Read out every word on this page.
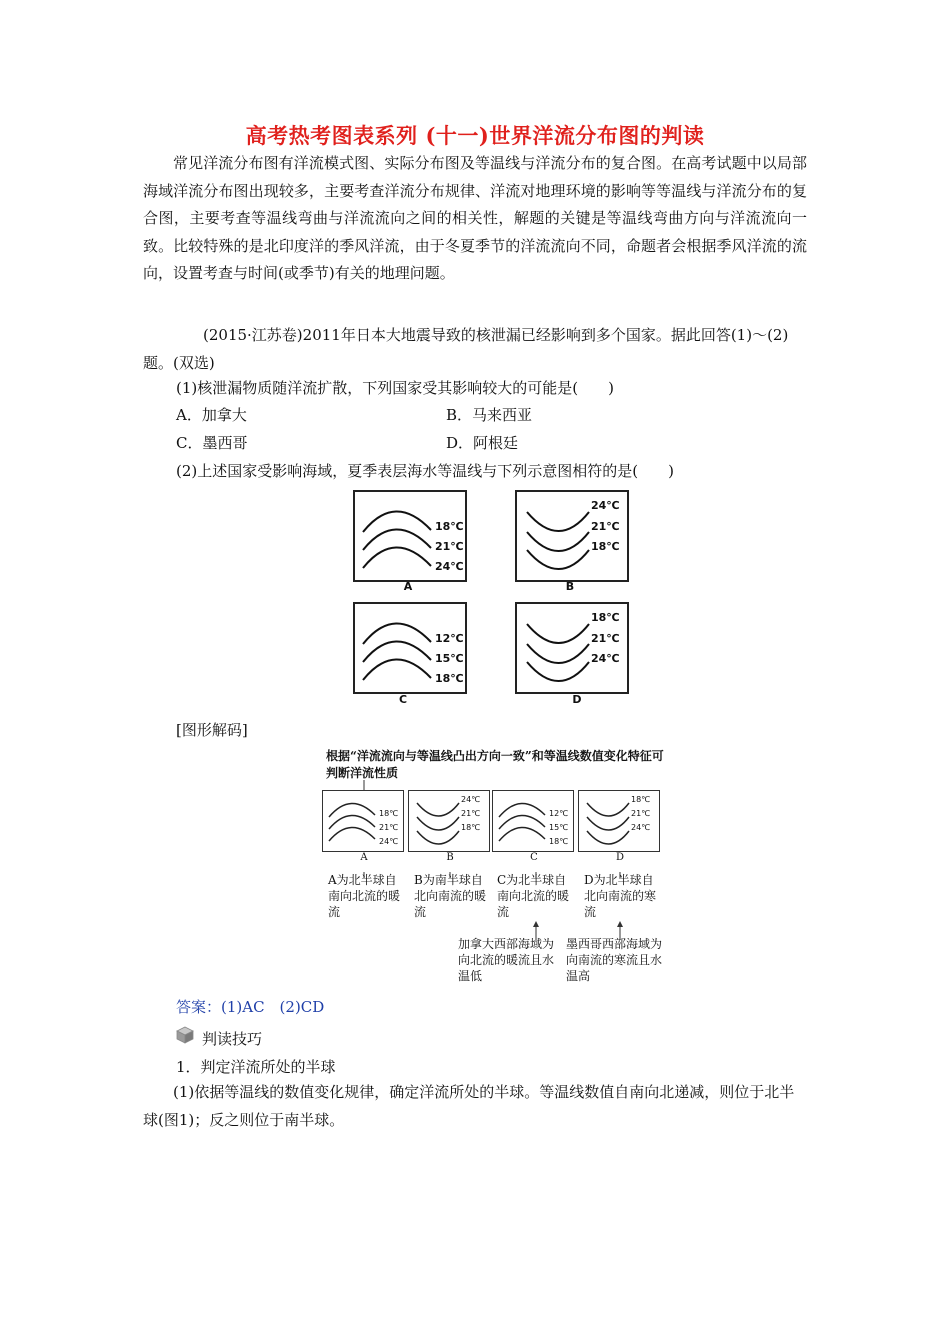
高考热考图表系列 (十一)世界洋流分布图的判读
常见洋流分布图有洋流模式图、实际分布图及等温线与洋流分布的复合图。在高考试题中以局部海域洋流分布图出现较多，主要考查洋流分布规律、洋流对地理环境的影响等等温线与洋流分布的复合图，主要考查等温线弯曲与洋流流向之间的相关性，解题的关键是等温线弯曲方向与洋流流向一致。比较特殊的是北印度洋的季风洋流，由于冬夏季节的洋流流向不同，命题者会根据季风洋流的流向，设置考查与时间(或季节)有关的地理问题。
(2015·江苏卷)2011年日本大地震导致的核泄漏已经影响到多个国家。据此回答(1)～(2)题。(双选)
(1)核泄漏物质随洋流扩散，下列国家受其影响较大的可能是(　　)
A．加拿大	B．马来西亚
C．墨西哥	D．阿根廷
(2)上述国家受影响海域，夏季表层海水等温线与下列示意图相符的是(　　)
18℃
21℃
24℃
A
24℃
21℃
18℃
B
12℃
15℃
18℃
C
18℃
21℃
24℃
D
[图形解码]
根据“洋流流向与等温线凸出方向一致”和等温线数值变化特征可判断洋流性质
18℃
21℃
24℃
A
24℃
21℃
18℃
B
12℃
15℃
18℃
C
18℃
21℃
24℃
D
A为北半球自南向北流的暖流
B为南半球自北向南流的暖流
C为北半球自南向北流的暖流
D为北半球自北向南流的寒流
加拿大西部海域为向北流的暖流且水温低
墨西哥西部海域为向南流的寒流且水温高
答案：(1)AC　(2)CD
判读技巧
1．判定洋流所处的半球
(1)依据等温线的数值变化规律，确定洋流所处的半球。等温线数值自南向北递减，则位于北半球(图1)；反之则位于南半球。
